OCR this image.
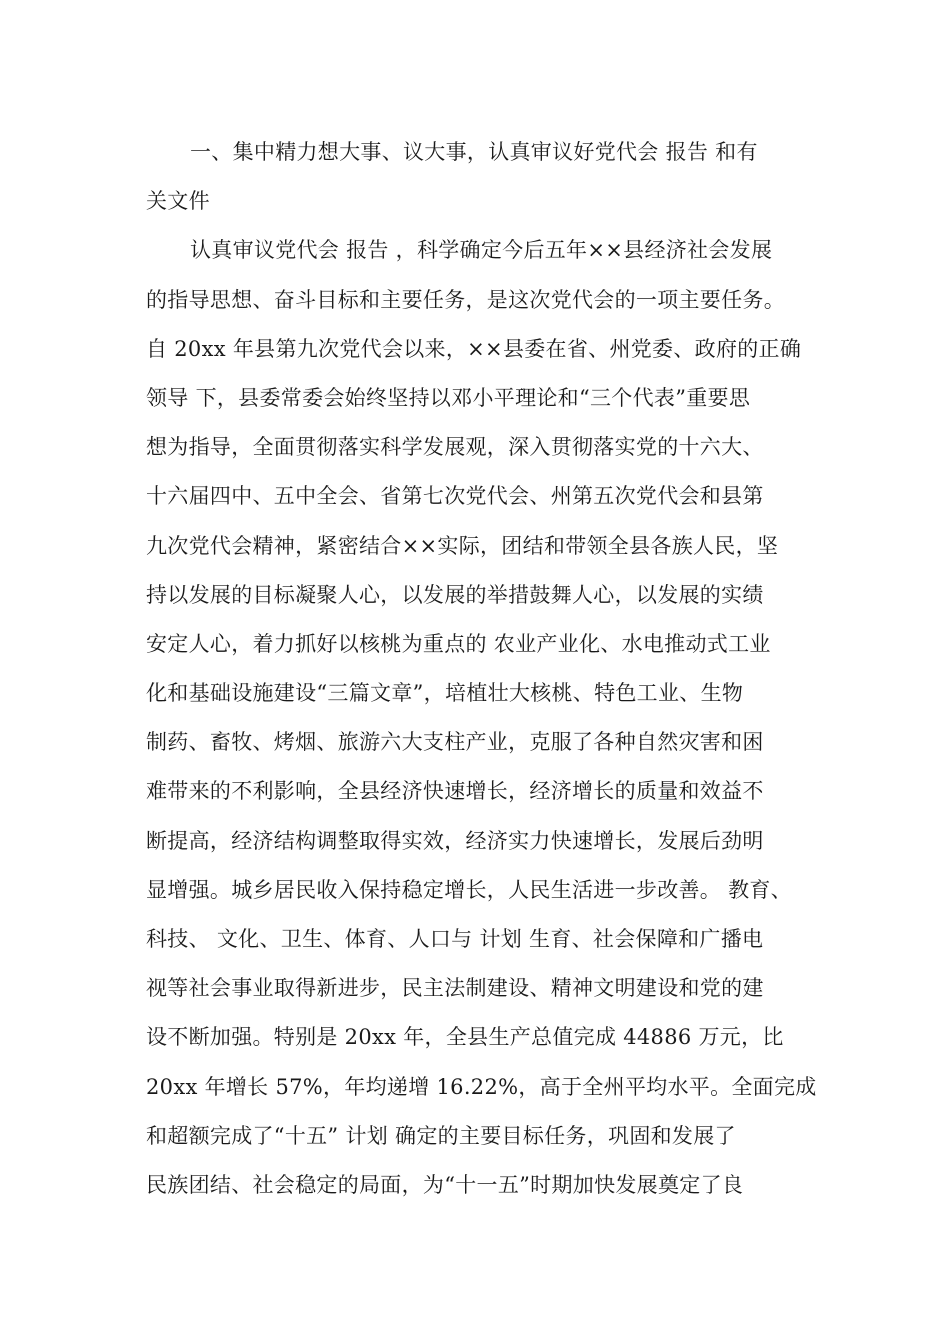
一、集中精力想大事、议大事，认真审议好党代会 报告 和有
关文件
认真审议党代会 报告 ，科学确定今后五年××县经济社会发展
的指导思想、奋斗目标和主要任务，是这次党代会的一项主要任务。
自 20xx 年县第九次党代会以来，××县委在省、州党委、政府的正确
领导 下，县委常委会始终坚持以邓小平理论和“三个代表”重要思
想为指导，全面贯彻落实科学发展观，深入贯彻落实党的十六大、
十六届四中、五中全会、省第七次党代会、州第五次党代会和县第
九次党代会精神，紧密结合××实际，团结和带领全县各族人民，坚
持以发展的目标凝聚人心，以发展的举措鼓舞人心，以发展的实绩
安定人心，着力抓好以核桃为重点的 农业产业化、水电推动式工业
化和基础设施建设“三篇文章”，培植壮大核桃、特色工业、生物
制药、畜牧、烤烟、旅游六大支柱产业，克服了各种自然灾害和困
难带来的不利影响，全县经济快速增长，经济增长的质量和效益不
断提高，经济结构调整取得实效，经济实力快速增长，发展后劲明
显增强。城乡居民收入保持稳定增长，人民生活进一步改善。 教育、
科技、 文化、卫生、体育、人口与 计划 生育、社会保障和广播电
视等社会事业取得新进步，民主法制建设、精神文明建设和党的建
设不断加强。特别是 20xx 年，全县生产总值完成 44886 万元，比
20xx 年增长 57%，年均递增 16.22%，高于全州平均水平。全面完成
和超额完成了“十五” 计划 确定的主要目标任务，巩固和发展了
民族团结、社会稳定的局面，为“十一五”时期加快发展奠定了良
